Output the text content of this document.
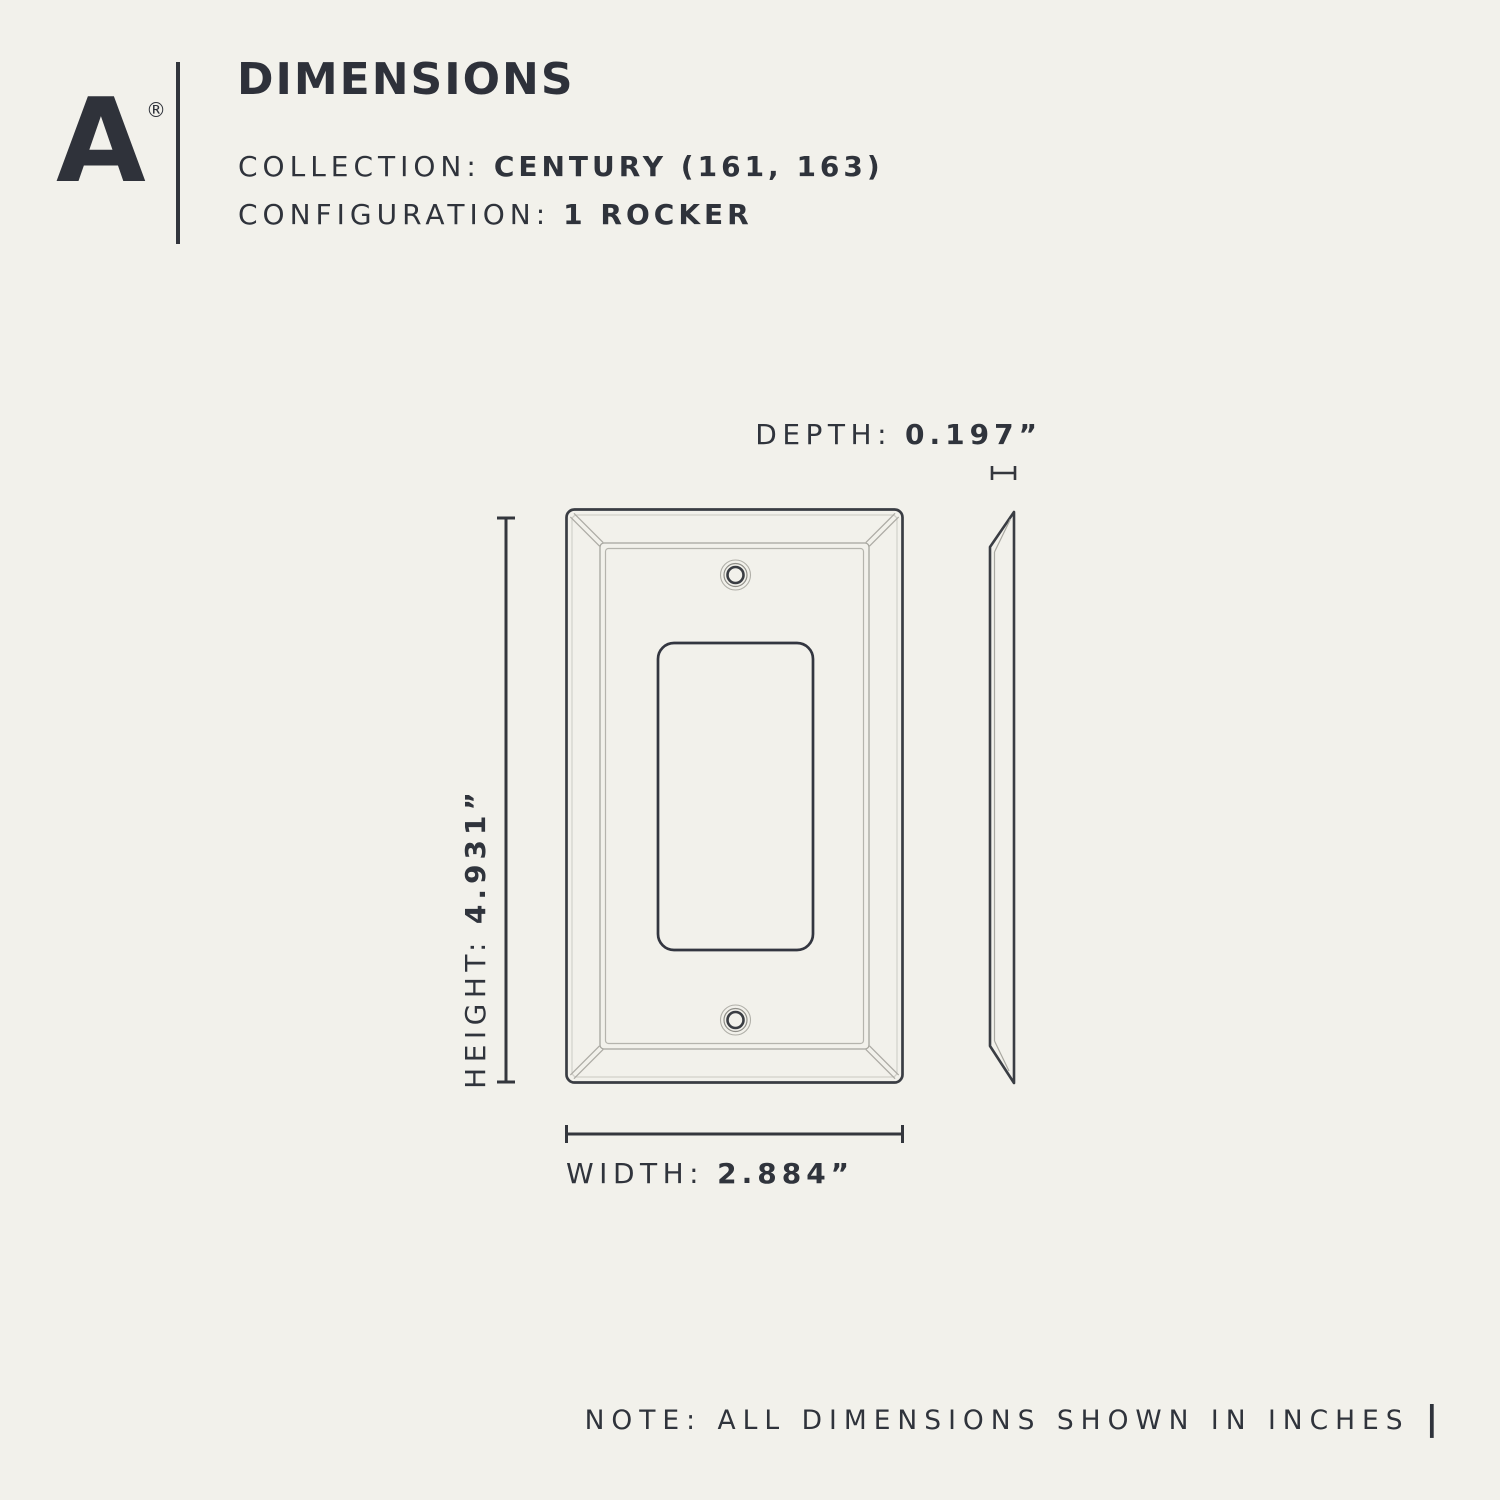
A ®
DIMENSIONS
COLLECTION: CENTURY (161, 163)
CONFIGURATION: 1 ROCKER
DEPTH: 0.197”
HEIGHT:
4.931”
WIDTH: 2.884”
NOTE: ALL DIMENSIONS SHOWN IN INCHES |
